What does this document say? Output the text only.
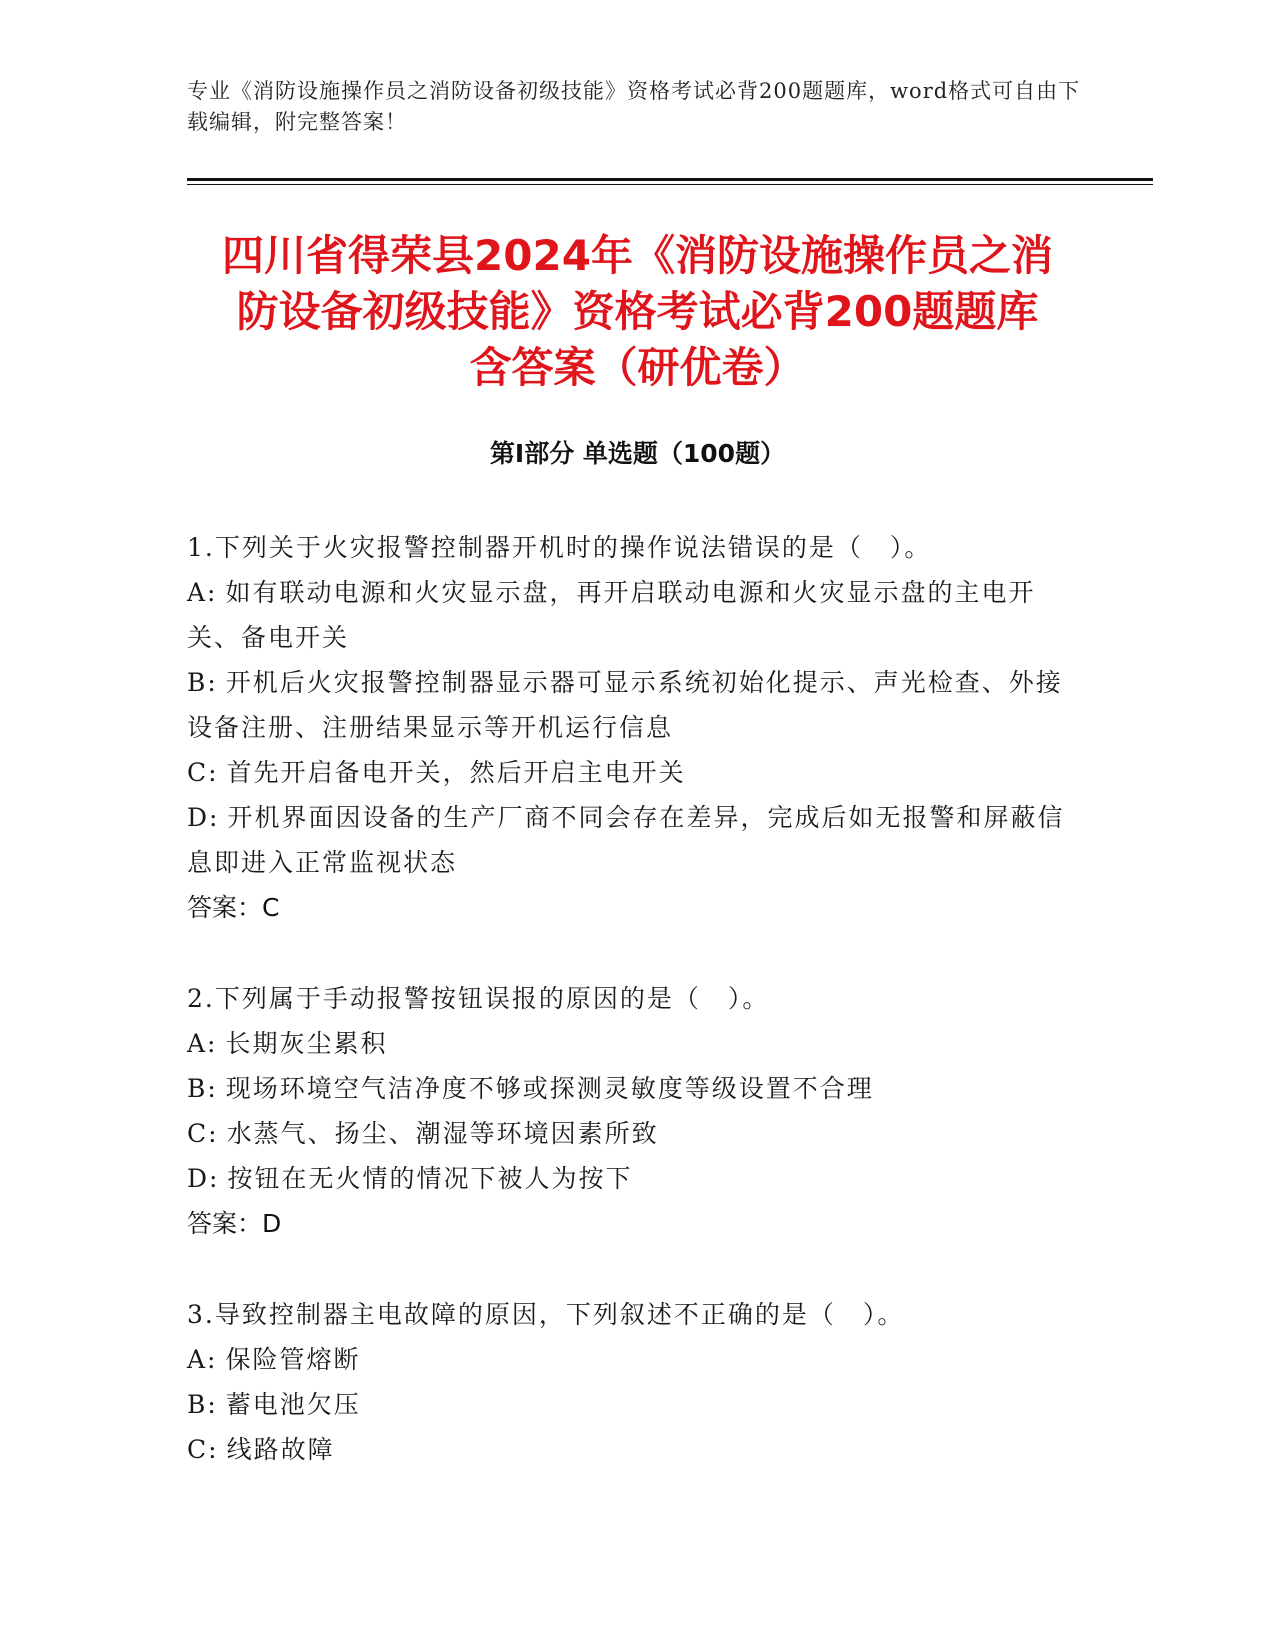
专业《消防设施操作员之消防设备初级技能》资格考试必背200题题库，word格式可自由下载编辑，附完整答案！
四川省得荣县2024年《消防设施操作员之消
防设备初级技能》资格考试必背200题题库
含答案（研优卷）
第Ⅰ部分 单选题（100题）
1.下列关于火灾报警控制器开机时的操作说法错误的是（　）。
A: 如有联动电源和火灾显示盘，再开启联动电源和火灾显示盘的主电开关、备电开关
B: 开机后火灾报警控制器显示器可显示系统初始化提示、声光检查、外接设备注册、注册结果显示等开机运行信息
C: 首先开启备电开关，然后开启主电开关
D: 开机界面因设备的生产厂商不同会存在差异，完成后如无报警和屏蔽信息即进入正常监视状态
答案：C
2.下列属于手动报警按钮误报的原因的是（　）。
A: 长期灰尘累积
B: 现场环境空气洁净度不够或探测灵敏度等级设置不合理
C: 水蒸气、扬尘、潮湿等环境因素所致
D: 按钮在无火情的情况下被人为按下
答案：D
3.导致控制器主电故障的原因，下列叙述不正确的是（　）。
A: 保险管熔断
B: 蓄电池欠压
C: 线路故障
